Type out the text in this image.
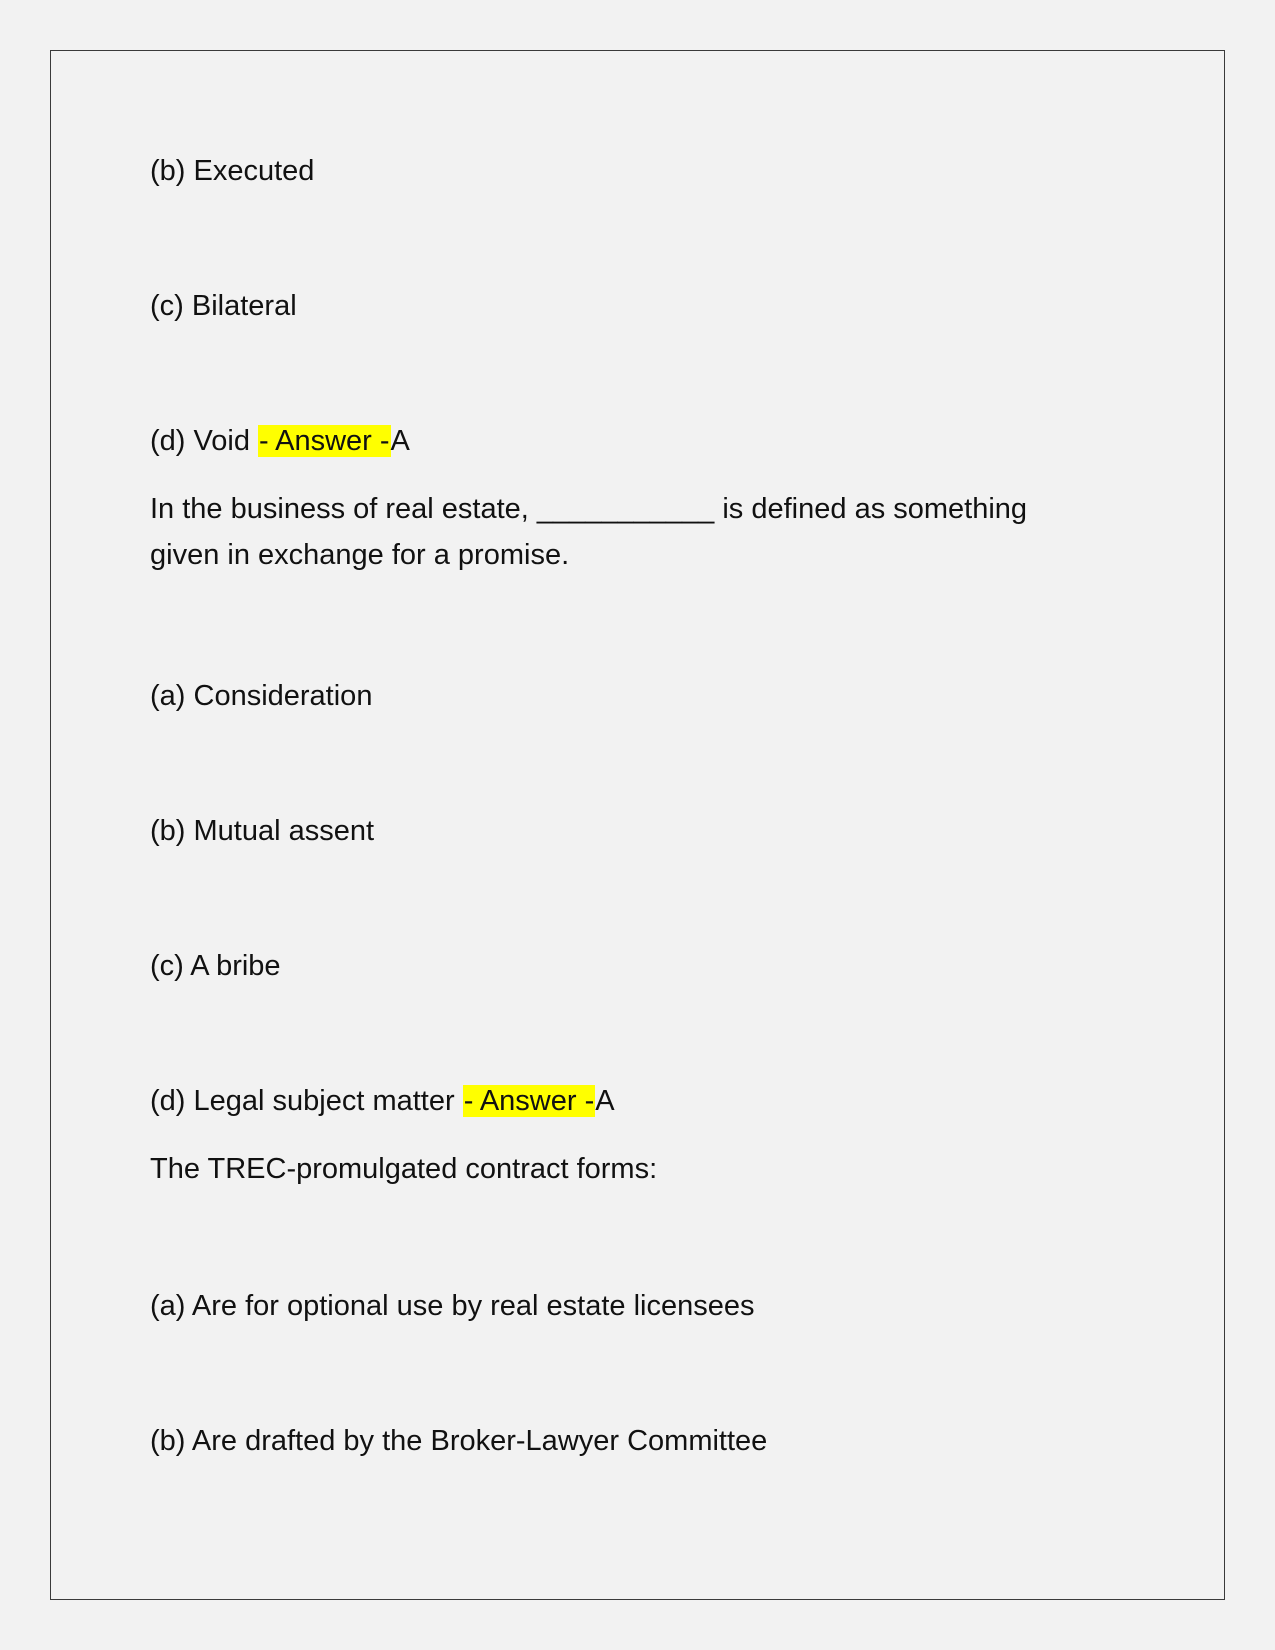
(b) Executed
(c) Bilateral
(d) Void - Answer -A
In the business of real estate, ___________ is defined as something given in exchange for a promise.
(a) Consideration
(b) Mutual assent
(c) A bribe
(d) Legal subject matter - Answer -A
The TREC-promulgated contract forms:
(a) Are for optional use by real estate licensees
(b) Are drafted by the Broker-Lawyer Committee
